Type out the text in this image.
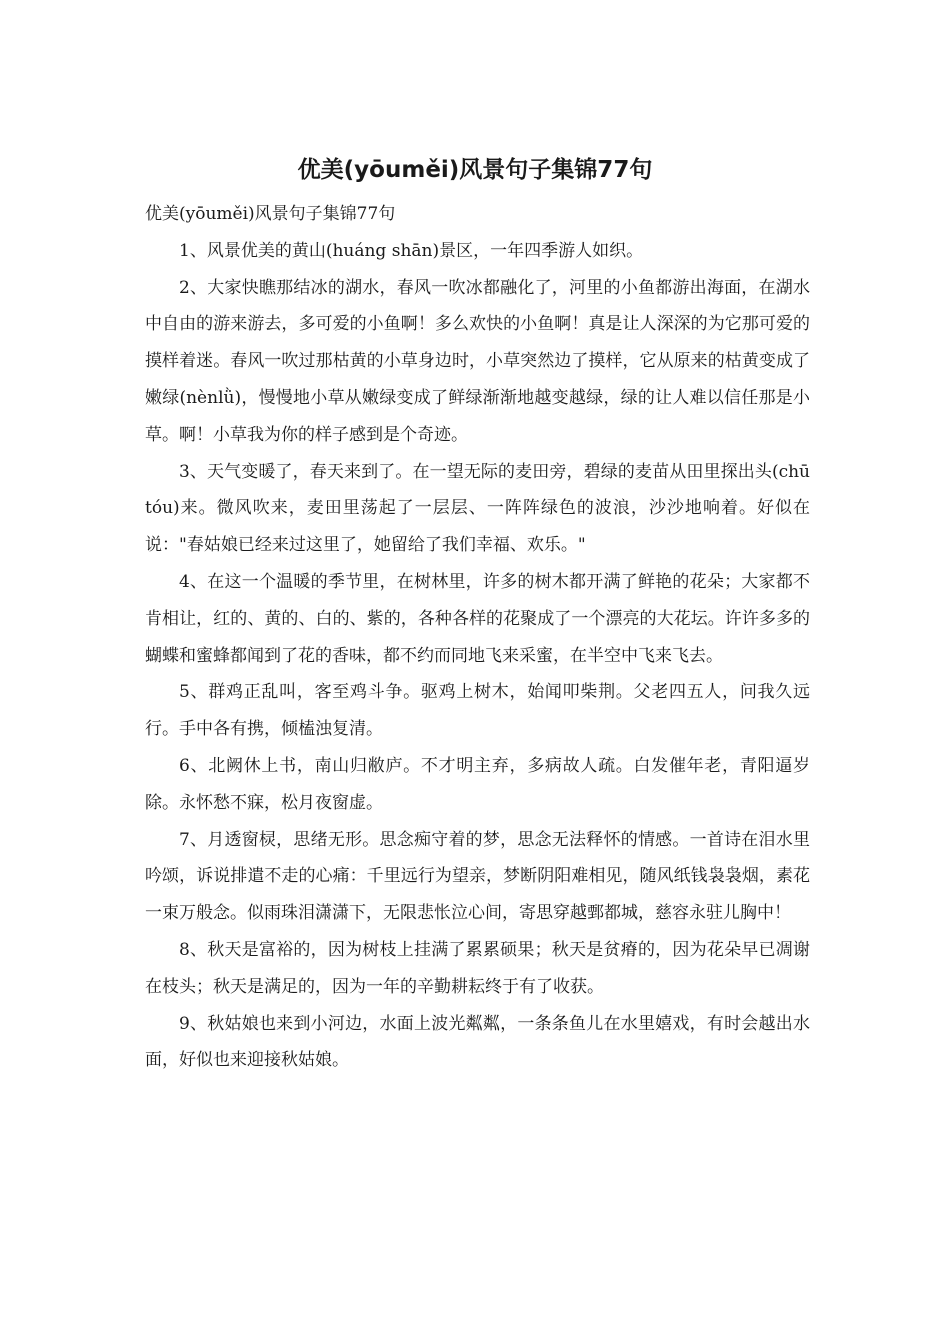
优美(yōuměi)风景句子集锦77句

优美(yōuměi)风景句子集锦77句

1、风景优美的黄山(huáng shān)景区，一年四季游人如织。

2、大家快瞧那结冰的湖水，春风一吹冰都融化了，河里的小鱼都游出海面，在湖水中自由的游来游去，多可爱的小鱼啊！多么欢快的小鱼啊！真是让人深深的为它那可爱的摸样着迷。春风一吹过那枯黄的小草身边时，小草突然边了摸样，它从原来的枯黄变成了嫩绿(nènlǜ)，慢慢地小草从嫩绿变成了鲜绿渐渐地越变越绿，绿的让人难以信任那是小草。啊！小草我为你的样子感到是个奇迹。

3、天气变暖了，春天来到了。在一望无际的麦田旁，碧绿的麦苗从田里探出头(chū tóu)来。微风吹来，麦田里荡起了一层层、一阵阵绿色的波浪，沙沙地响着。好似在说："春姑娘已经来过这里了，她留给了我们幸福、欢乐。"

4、在这一个温暖的季节里，在树林里，许多的树木都开满了鲜艳的花朵；大家都不肯相让，红的、黄的、白的、紫的，各种各样的花聚成了一个漂亮的大花坛。许许多多的蝴蝶和蜜蜂都闻到了花的香味，都不约而同地飞来采蜜，在半空中飞来飞去。

5、群鸡正乱叫，客至鸡斗争。驱鸡上树木，始闻叩柴荆。父老四五人，问我久远行。手中各有携，倾榼浊复清。

6、北阙休上书，南山归敝庐。不才明主弃，多病故人疏。白发催年老，青阳逼岁除。永怀愁不寐，松月夜窗虚。

7、月透窗棂，思绪无形。思念痴守着的梦，思念无法释怀的情感。一首诗在泪水里吟颂，诉说排遣不走的心痛：千里远行为望亲，梦断阴阳难相见，随风纸钱袅袅烟，素花一束万般念。似雨珠泪潇潇下，无限悲怅泣心间，寄思穿越鄄都城，慈容永驻儿胸中！

8、秋天是富裕的，因为树枝上挂满了累累硕果；秋天是贫瘠的，因为花朵早已凋谢在枝头；秋天是满足的，因为一年的辛勤耕耘终于有了收获。

9、秋姑娘也来到小河边，水面上波光粼粼，一条条鱼儿在水里嬉戏，有时会越出水面，好似也来迎接秋姑娘。
